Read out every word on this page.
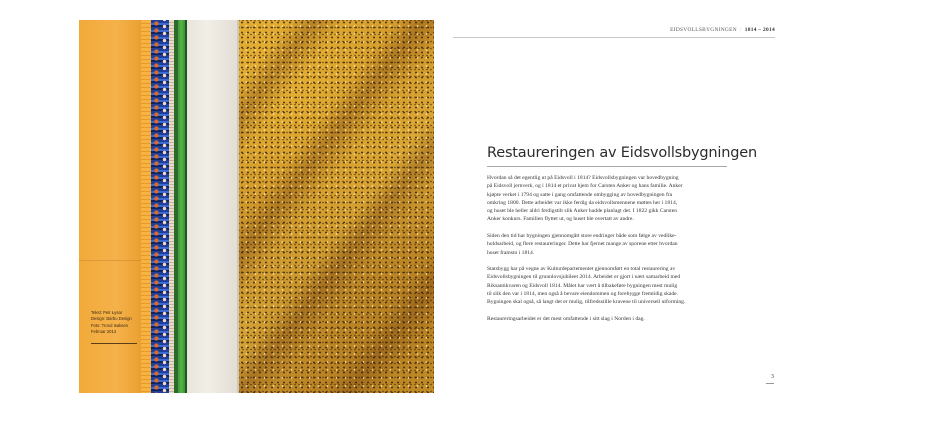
Tekst: Petr Łysar
Design: Bárbu Design
Foto: Trond Isaksen
Februar 2014
EIDSVOLLSBYGNINGEN / 1814 – 2014
Restaureringen av Eidsvollsbygningen

Hvordan så det egentlig ut på Eidsvoll i 1814? Eidsvollsbygningen var hovedbygning
på Eidsvoll jernverk, og i 1814 et privat hjem for Carsten Anker og hans familie. Anker
kjøpte verket i 1794 og satte i gang omfattende ombygging av hovedbygningen fra
omkring 1800. Dette arbeidet var ikke ferdig da eidsvollsmennene møttes her i 1814,
og huset ble heller aldri ferdigstilt slik Anker hadde planlagt det. I 1822 gikk Carsten
Anker konkurs. Familien flyttet ut, og huset ble overtatt av andre.

Siden den tid har bygningen gjennomgått store endringer både som følge av vedlike-
holdsarbeid, og flere restaureringer. Dette har fjernet mange av sporene etter hvordan
huset framsto i 1814.

Statsbygg har på vegne av Kulturdepartementet gjennomført en total restaurering av
Eidsvollsbygningen til grunnlovsjubileet 2014. Arbeidet er gjort i nært samarbeid med
Riksantikvaren og Eidsvoll 1814. Målet har vært å tilbakeføre bygningen mest mulig
til slik den var i 1814, men også å bevare eiendommen og forebygge fremtidig skade.
Bygningen skal også, så langt det er mulig, tilfredsstille kravene til universell utforming.

Restaureringsarbeidet er det mest omfattende i sitt slag i Norden i dag.

3
